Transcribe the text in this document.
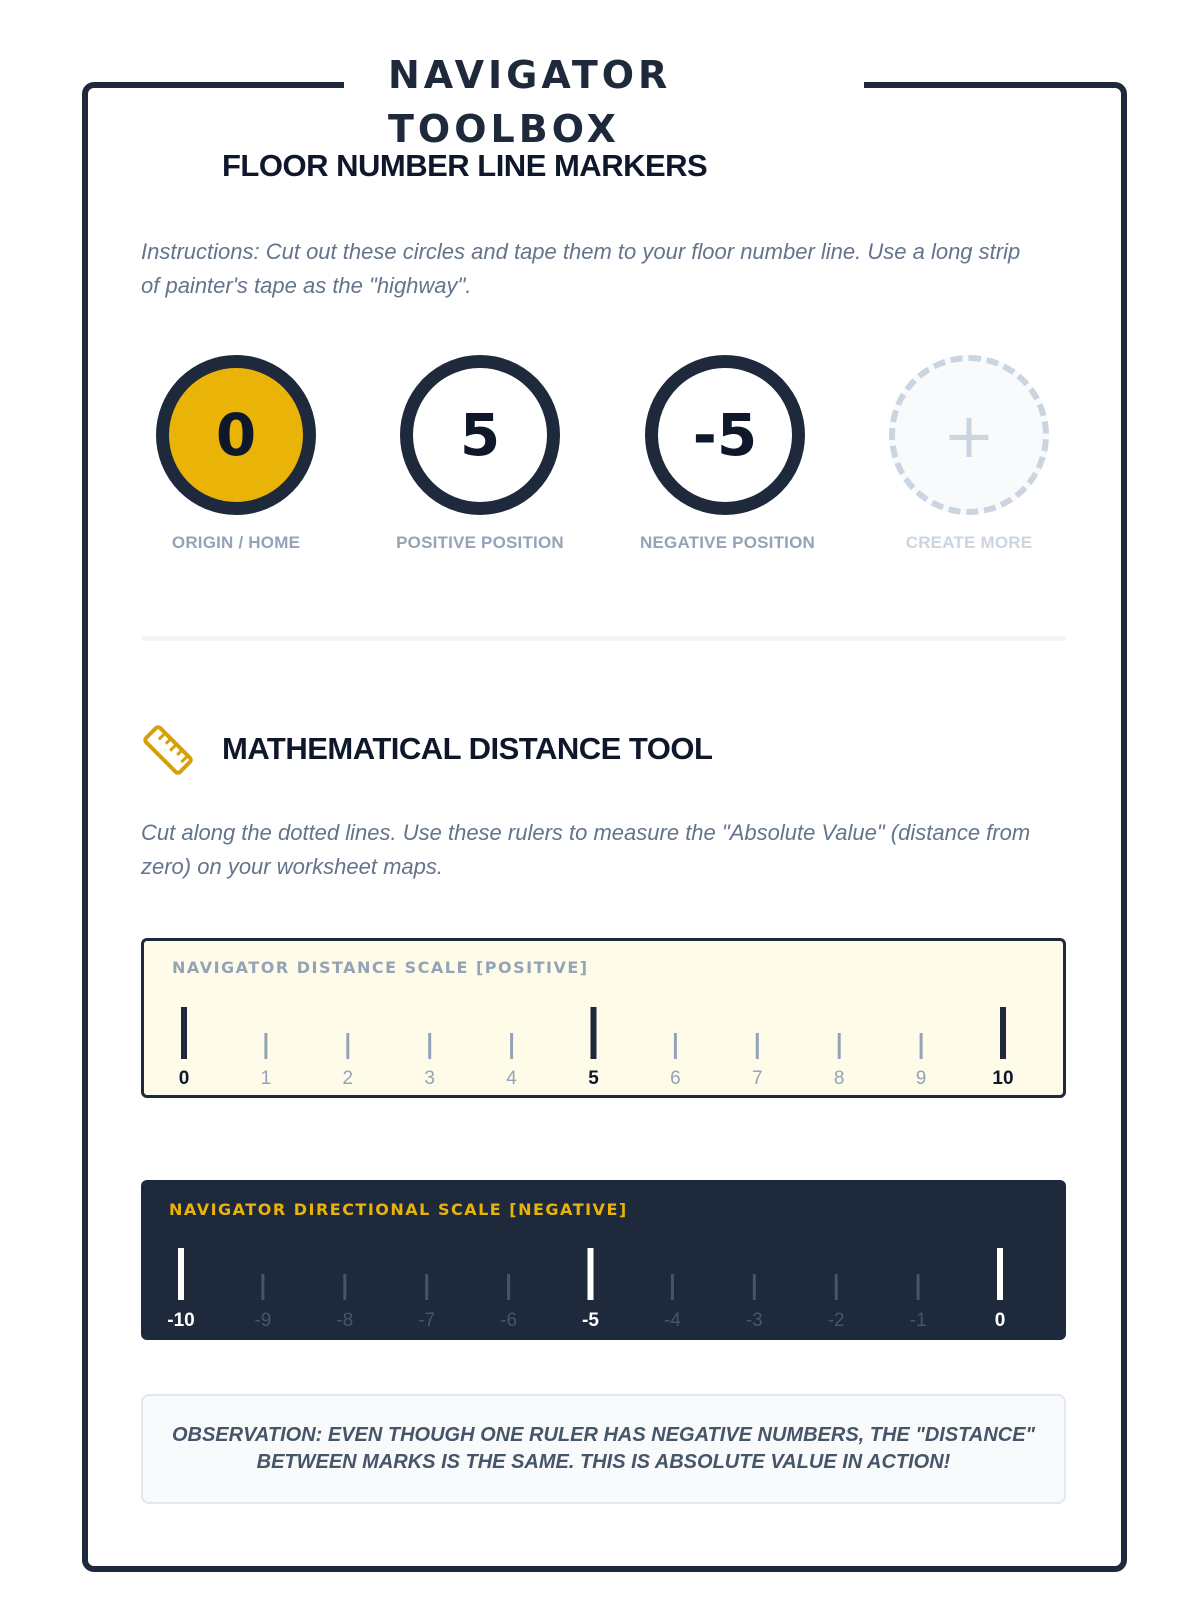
NAVIGATOR TOOLBOX
FLOOR NUMBER LINE MARKERS

Instructions: Cut out these circles and tape them to your floor number line. Use a long strip of painter's tape as the "highway".

0
ORIGIN / HOME
5
POSITIVE POSITION
-5
NEGATIVE POSITION
+
CREATE MORE
MATHEMATICAL DISTANCE TOOL

Cut along the dotted lines. Use these rulers to measure the "Absolute Value" (distance from zero) on your worksheet maps.

NAVIGATOR DISTANCE SCALE [POSITIVE]
0	1	2	3	4	5	6	7	8	9	10
NAVIGATOR DIRECTIONAL SCALE [NEGATIVE]
-10	-9	-8	-7	-6	-5	-4	-3	-2	-1	0
OBSERVATION: EVEN THOUGH ONE RULER HAS NEGATIVE NUMBERS, THE "DISTANCE" BETWEEN MARKS IS THE SAME. THIS IS ABSOLUTE VALUE IN ACTION!
